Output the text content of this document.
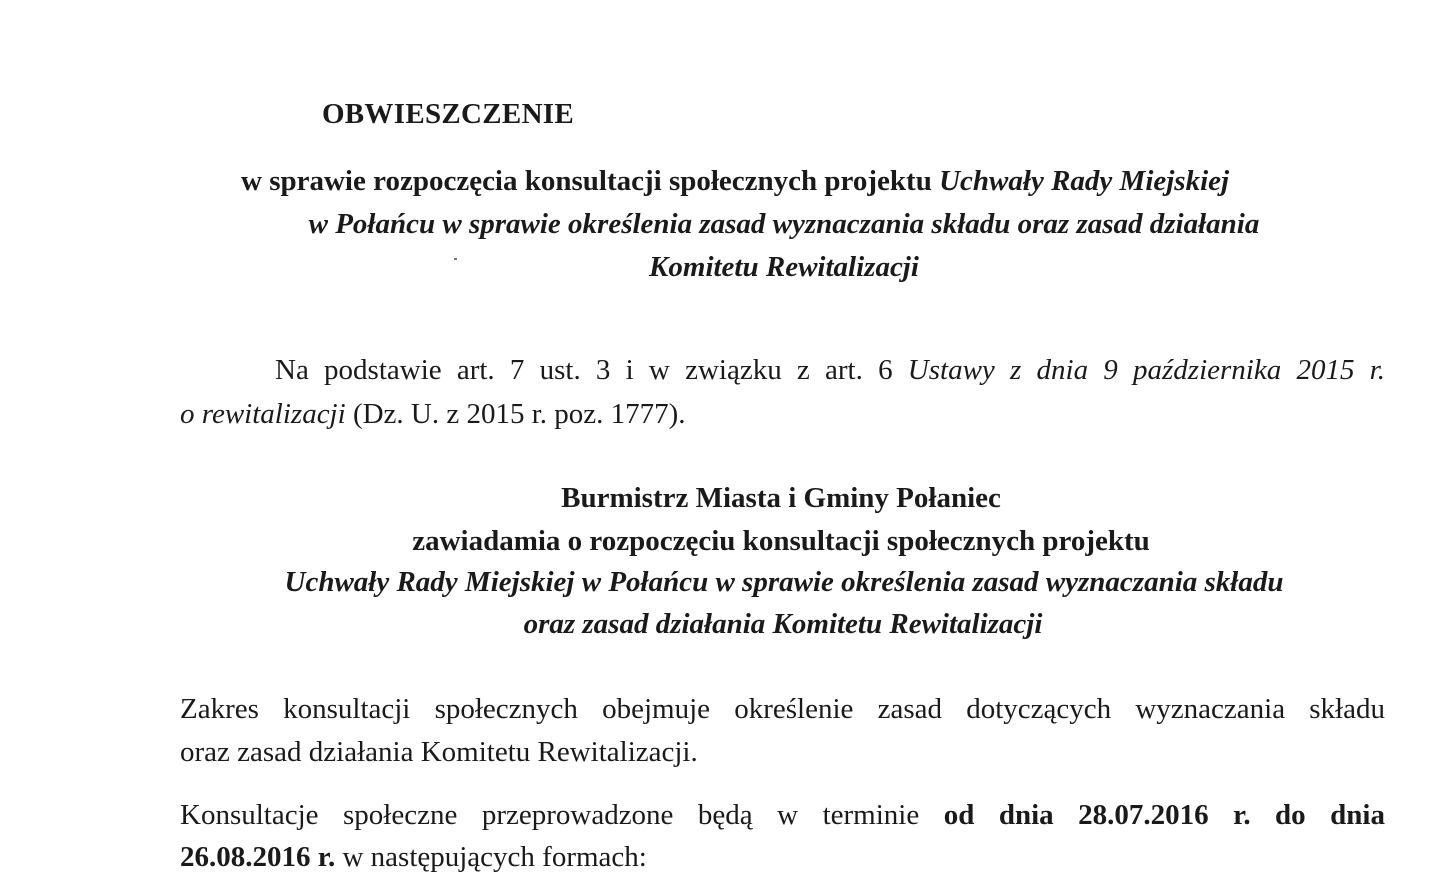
OBWIESZCZENIE
w sprawie rozpoczęcia konsultacji społecznych projektu Uchwały Rady Miejskiej
w Połańcu w sprawie określenia zasad wyznaczania składu oraz zasad działania
Komitetu Rewitalizacji
Na podstawie art. 7 ust. 3 i w związku z art. 6 Ustawy z dnia 9 października 2015 r.
o rewitalizacji (Dz. U. z 2015 r. poz. 1777).
Burmistrz Miasta i Gminy Połaniec
zawiadamia o rozpoczęciu konsultacji społecznych projektu
Uchwały Rady Miejskiej w Połańcu w sprawie określenia zasad wyznaczania składu
oraz zasad działania Komitetu Rewitalizacji
Zakres konsultacji społecznych obejmuje określenie zasad dotyczących wyznaczania składu
oraz zasad działania Komitetu Rewitalizacji.
Konsultacje społeczne przeprowadzone będą w terminie od dnia 28.07.2016 r. do dnia
26.08.2016 r. w następujących formach:
